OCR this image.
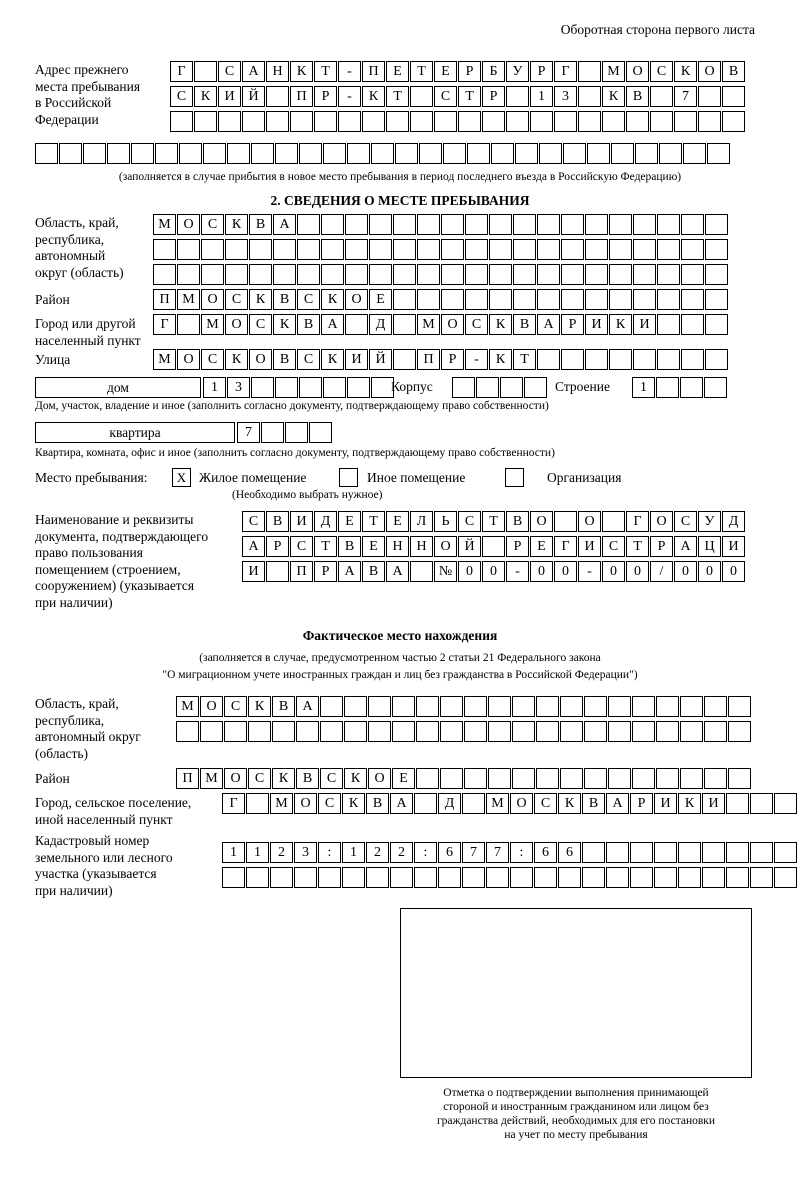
Оборотная сторона первого листа
Адрес прежнего
места пребывания
в Российской
Федерации
Г	С	А Н	К	Т	-	П	Е	Т	Е	Р	Б	У	Р	Г	М О	С	К	О	В
С	К	И Й	П	Р	-	К	Т	С	Т	Р	1	3	К	В	7
(заполняется в случае прибытия в новое место пребывания в период последнего въезда в Российскую Федерацию)
2. СВЕДЕНИЯ О МЕСТЕ ПРЕБЫВАНИЯ
Область, край,
республика,
автономный
округ (область)
М О	С	К	В	А
Район	П М О	С	К	В	С	К	О	Е
Город или другой
населенный пункт
Г	М О	С	К	В	А	Д	М О	С	К	В	А	Р	И	К	И
Улица	М О	С	К	О	В	С	К	И Й	П	Р	-	К	Т
дом	1	3	Корпус	Строение	1
Дом, участок, владение и иное (заполнить согласно документу, подтверждающему право собственности)
квартира	7
Квартира, комната, офис и иное (заполнить согласно документу, подтверждающему право собственности)
Место пребывания:	X Жилое помещение	Иное помещение	Организация
(Необходимо выбрать нужное)
Наименование и реквизиты
документа, подтверждающего
право пользования
помещением (строением,
сооружением) (указывается
при наличии)
С	В	И	Д	Е	Т	Е	Л	Ь	С	Т	В	О	О	Г	О	С	У	Д
А	Р	С	Т	В	Е	Н Н О Й	Р	Е	Г	И	С	Т	Р	А Ц И
И	П	Р	А	В	А	№ 0	0	-	0	0	-	0	0	/	0	0	0
Фактическое место нахождения
(заполняется в случае, предусмотренном частью 2 статьи 21 Федерального закона
"О миграционном учете иностранных граждан и лиц без гражданства в Российской Федерации")
Область, край,
республика,
автономный округ
(область)
М О	С	К	В	А
Район	П М О	С	К	В	С	К	О	Е
Город, сельское поселение,
иной населенный пункт
Г	М О	С	К	В	А	Д	М О	С	К	В	А	Р	И	К	И
Кадастровый номер
земельного или лесного
участка (указывается
при наличии)
1	1	2	3	:	1	2	2	:	6	7	7	:	6	6
Отметка о подтверждении выполнения принимающей
стороной и иностранным гражданином или лицом без
гражданства действий, необходимых для его постановки
на учет по месту пребывания
